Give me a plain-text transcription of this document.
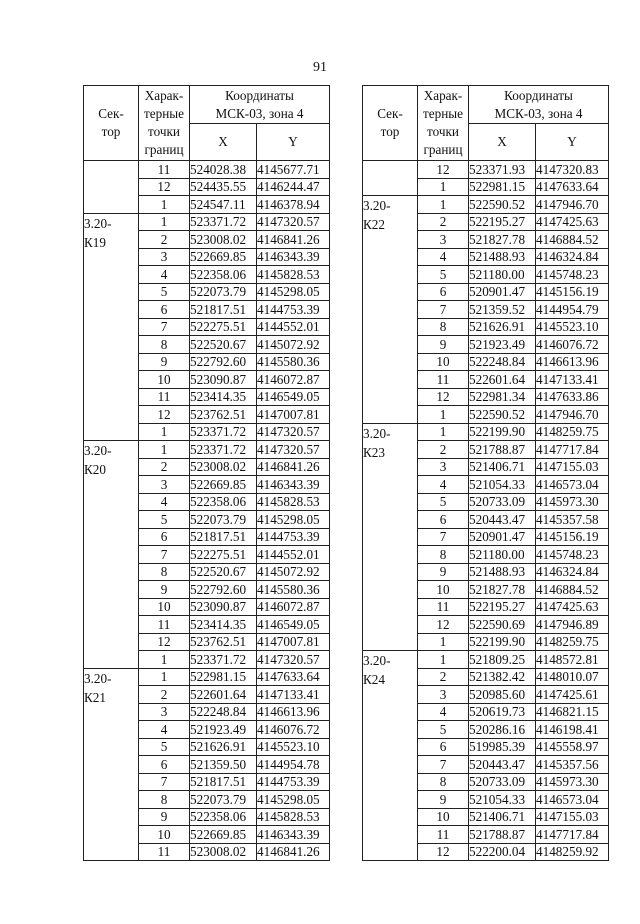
91
Сек-
тор	Харак-
терные
точки
границ	Координаты
МСК-03, зона 4	

		X	Y

	11	524028.38	4145677.71
	12	524435.55	4146244.47
	1	524547.11	4146378.94

3.20-
К19	1	523371.72	4147320.57
	2	523008.02	4146841.26
	3	522669.85	4146343.39
	4	522358.06	4145828.53
	5	522073.79	4145298.05
	6	521817.51	4144753.39
	7	522275.51	4144552.01
	8	522520.67	4145072.92
	9	522792.60	4145580.36
	10	523090.87	4146072.87
	11	523414.35	4146549.05
	12	523762.51	4147007.81
	1	523371.72	4147320.57

3.20-
К20	1	523371.72	4147320.57
	2	523008.02	4146841.26
	3	522669.85	4146343.39
	4	522358.06	4145828.53
	5	522073.79	4145298.05
	6	521817.51	4144753.39
	7	522275.51	4144552.01
	8	522520.67	4145072.92
	9	522792.60	4145580.36
	10	523090.87	4146072.87
	11	523414.35	4146549.05
	12	523762.51	4147007.81
	1	523371.72	4147320.57

3.20-
К21	1	522981.15	4147633.64
	2	522601.64	4147133.41
	3	522248.84	4146613.96
	4	521923.49	4146076.72
	5	521626.91	4145523.10
	6	521359.50	4144954.78
	7	521817.51	4144753.39
	8	522073.79	4145298.05
	9	522358.06	4145828.53
	10	522669.85	4146343.39
	11	523008.02	4146841.26
Сек-
тор	Харак-
терные
точки
границ	Координаты
МСК-03, зона 4	

		X	Y

	12	523371.93	4147320.83
	1	522981.15	4147633.64

3.20-
К22	1	522590.52	4147946.70
	2	522195.27	4147425.63
	3	521827.78	4146884.52
	4	521488.93	4146324.84
	5	521180.00	4145748.23
	6	520901.47	4145156.19
	7	521359.52	4144954.79
	8	521626.91	4145523.10
	9	521923.49	4146076.72
	10	522248.84	4146613.96
	11	522601.64	4147133.41
	12	522981.34	4147633.86
	1	522590.52	4147946.70

3.20-
К23	1	522199.90	4148259.75
	2	521788.87	4147717.84
	3	521406.71	4147155.03
	4	521054.33	4146573.04
	5	520733.09	4145973.30
	6	520443.47	4145357.58
	7	520901.47	4145156.19
	8	521180.00	4145748.23
	9	521488.93	4146324.84
	10	521827.78	4146884.52
	11	522195.27	4147425.63
	12	522590.69	4147946.89
	1	522199.90	4148259.75

3.20-
К24	1	521809.25	4148572.81
	2	521382.42	4148010.07
	3	520985.60	4147425.61
	4	520619.73	4146821.15
	5	520286.16	4146198.41
	6	519985.39	4145558.97
	7	520443.47	4145357.56
	8	520733.09	4145973.30
	9	521054.33	4146573.04
	10	521406.71	4147155.03
	11	521788.87	4147717.84
	12	522200.04	4148259.92
